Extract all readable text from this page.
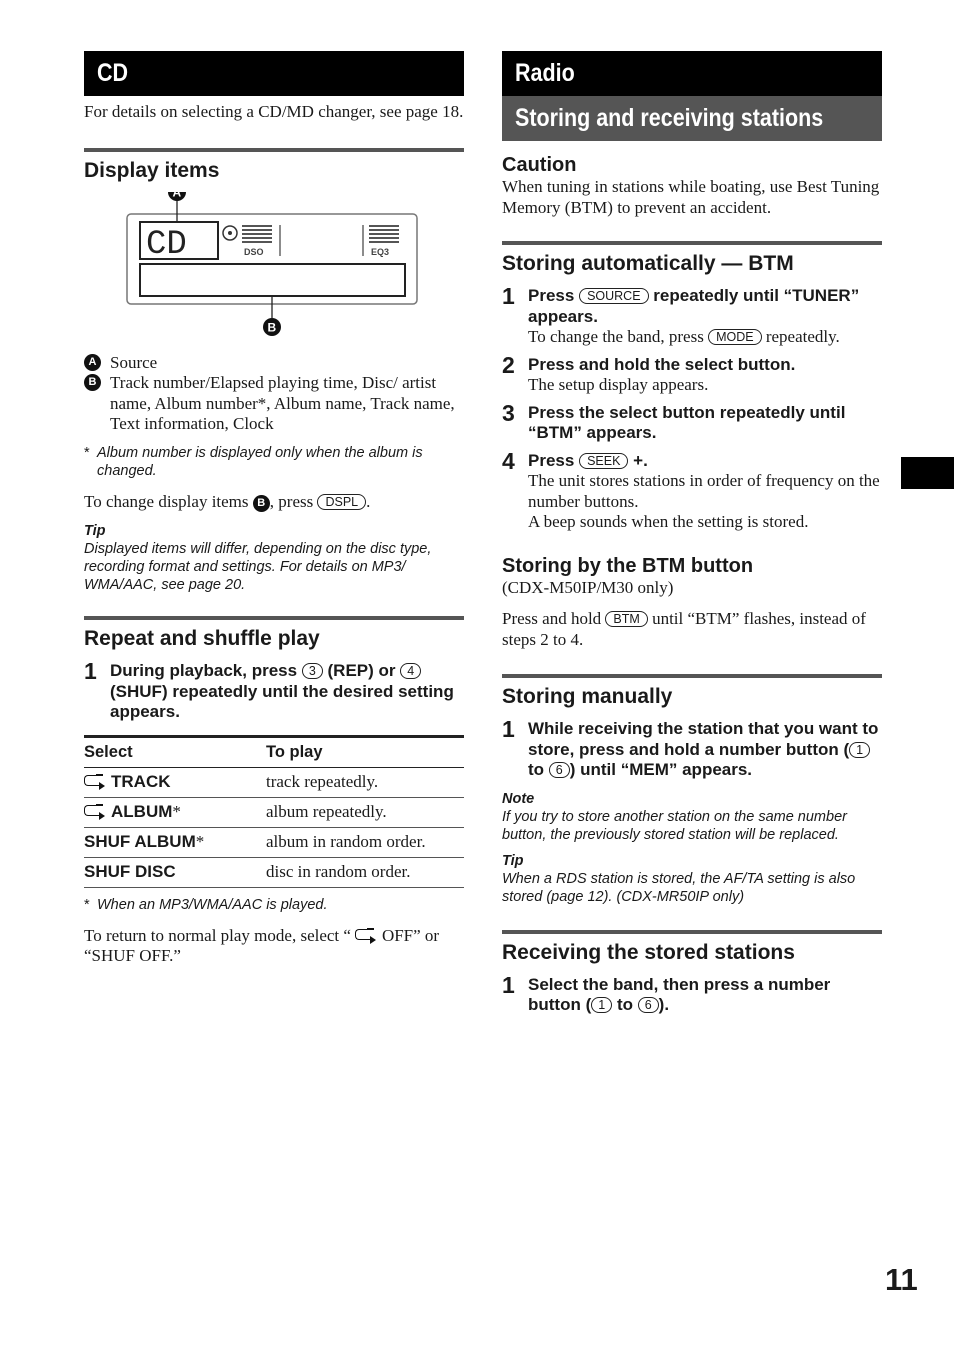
CD

For details on selecting a CD/MD changer, see page 18.

Display items
CD	DSO	EQ3
A
B
A Source

B Track number/Elapsed playing time, Disc/ artist name, Album number*, Album name, Track name, Text information, Clock

* Album number is displayed only when the album is changed.

To change display items B , press DSPL .

Tip
Displayed items will differ, depending on the disc type, recording format and settings. For details on MP3/ WMA/AAC, see page 20.
Repeat and shuffle play
1 During playback, press 3 (REP) or 4 (SHUF) repeatedly until the desired setting appears.
Select	To play
TRACK	track repeatedly.
ALBUM*	album repeatedly.
SHUF ALBUM*	album in random order.
SHUF DISC	disc in random order.
* When an MP3/WMA/AAC is played.

To return to normal play mode, select “ OFF” or “SHUF OFF.”

Radio
Storing and receiving stations
Caution

When tuning in stations while boating, use Best Tuning Memory (BTM) to prevent an accident.

Storing automatically — BTM
1 Press SOURCE repeatedly until “TUNER” appears.

To change the band, press MODE repeatedly.

2 Press and hold the select button.

The setup display appears.

3 Press the select button repeatedly until “BTM” appears.
4 Press SEEK +.

The unit stores stations in order of frequency on the number buttons.

A beep sounds when the setting is stored.

Storing by the BTM button

(CDX-M50IP/M30 only)

Press and hold BTM until “BTM” flashes, instead of steps 2 to 4.

Storing manually
1 While receiving the station that you want to store, press and hold a number button ( 1 to 6 ) until “MEM” appears.
Note
If you try to store another station on the same number button, the previously stored station will be replaced.
Tip
When a RDS station is stored, the AF/TA setting is also stored (page 12). (CDX-MR50IP only)
Receiving the stored stations
1 Select the band, then press a number button ( 1 to 6 ).
11
